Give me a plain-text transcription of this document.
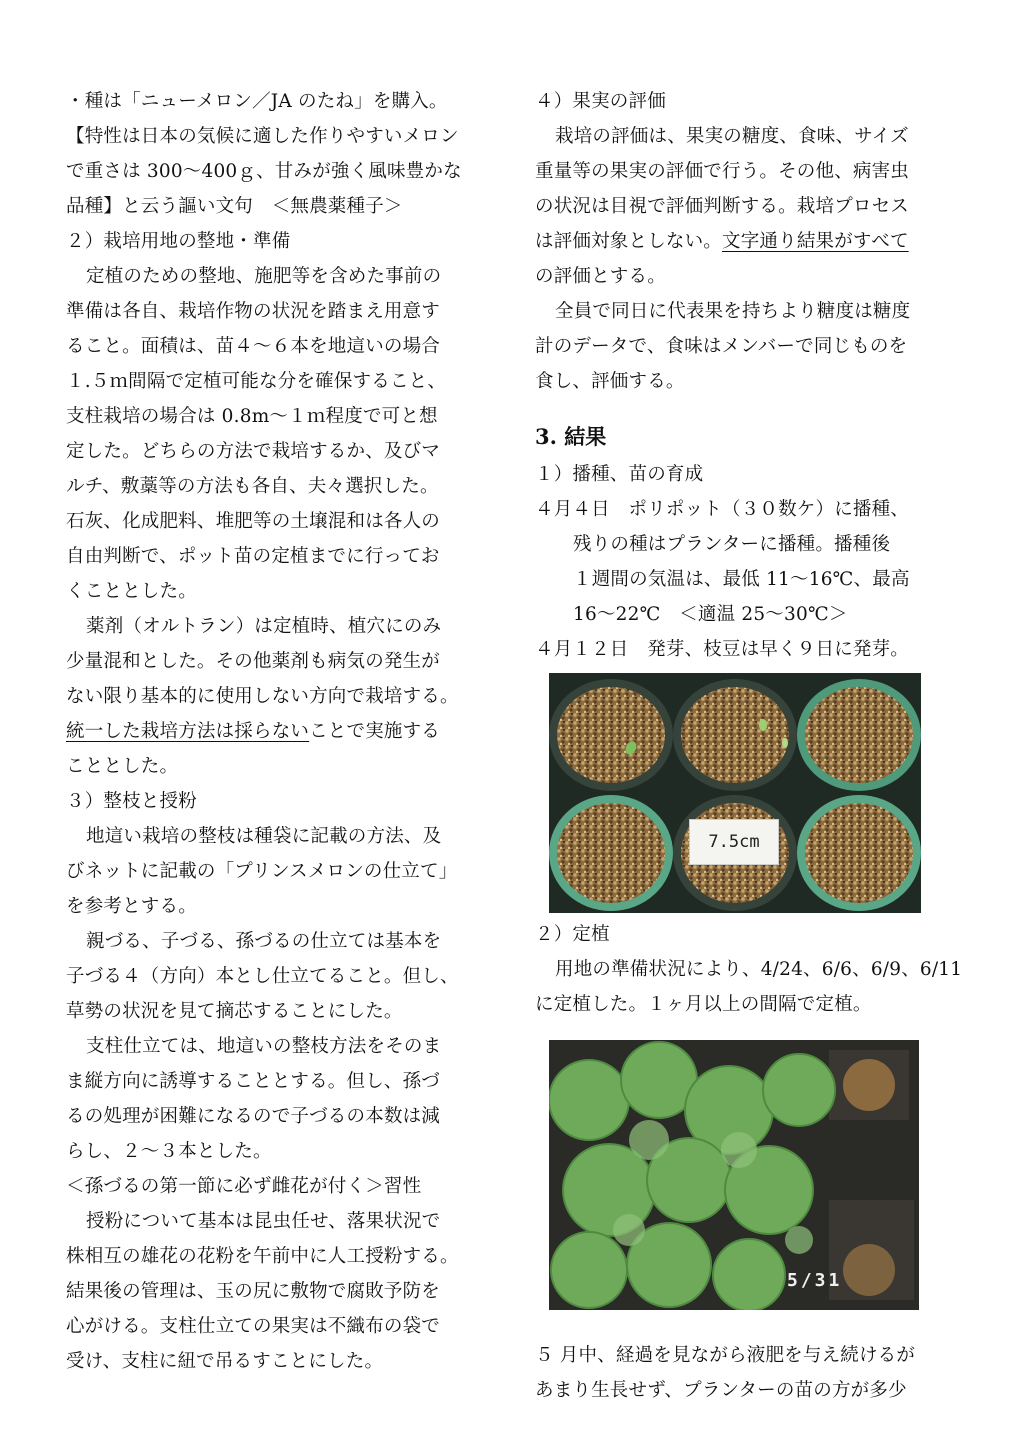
・種は「ニューメロン／JA のたね」を購入。
【特性は日本の気候に適した作りやすいメロン
で重さは 300～400ｇ、甘みが強く風味豊かな
品種】と云う謳い文句　＜無農薬種子＞
２）栽培用地の整地・準備
定植のための整地、施肥等を含めた事前の
準備は各自、栽培作物の状況を踏まえ用意す
ること。面積は、苗４～６本を地這いの場合
１.５ｍ間隔で定植可能な分を確保すること、
支柱栽培の場合は 0.8m～１ｍ程度で可と想
定した。どちらの方法で栽培するか、及びマ
ルチ、敷藁等の方法も各自、夫々選択した。
石灰、化成肥料、堆肥等の土壌混和は各人の
自由判断で、ポット苗の定植までに行ってお
くこととした。
薬剤（オルトラン）は定植時、植穴にのみ
少量混和とした。その他薬剤も病気の発生が
ない限り基本的に使用しない方向で栽培する。
統一した栽培方法は採らないことで実施する
こととした。
３）整枝と授粉
地這い栽培の整枝は種袋に記載の方法、及
びネットに記載の「プリンスメロンの仕立て」
を参考とする。
親づる、子づる、孫づるの仕立ては基本を
子づる４（方向）本とし仕立てること。但し、
草勢の状況を見て摘芯することにした。
支柱仕立ては、地這いの整枝方法をそのま
ま縦方向に誘導することとする。但し、孫づ
るの処理が困難になるので子づるの本数は減
らし、２～３本とした。
＜孫づるの第一節に必ず雌花が付く＞習性
授粉について基本は昆虫任せ、落果状況で
株相互の雄花の花粉を午前中に人工授粉する。
結果後の管理は、玉の尻に敷物で腐敗予防を
心がける。支柱仕立ての果実は不織布の袋で
受け、支柱に紐で吊るすことにした。
４）果実の評価
栽培の評価は、果実の糖度、食味、サイズ
重量等の果実の評価で行う。その他、病害虫
の状況は目視で評価判断する。栽培プロセス
は評価対象としない。文字通り結果がすべて
の評価とする。
全員で同日に代表果を持ちより糖度は糖度
計のデータで、食味はメンバーで同じものを
食し、評価する。
3. 結果
１）播種、苗の育成
４月４日　ポリポット（３０数ケ）に播種、
残りの種はプランターに播種。播種後
１週間の気温は、最低 11～16℃、最高
16～22℃　＜適温 25～30℃＞
４月１２日　発芽、枝豆は早く９日に発芽。
7.5cm
２）定植
用地の準備状況により、4/24、6/6、6/9、6/11
に定植した。１ヶ月以上の間隔で定植。
5/31
５ 月中、経過を見ながら液肥を与え続けるが
あまり生長せず、プランターの苗の方が多少
